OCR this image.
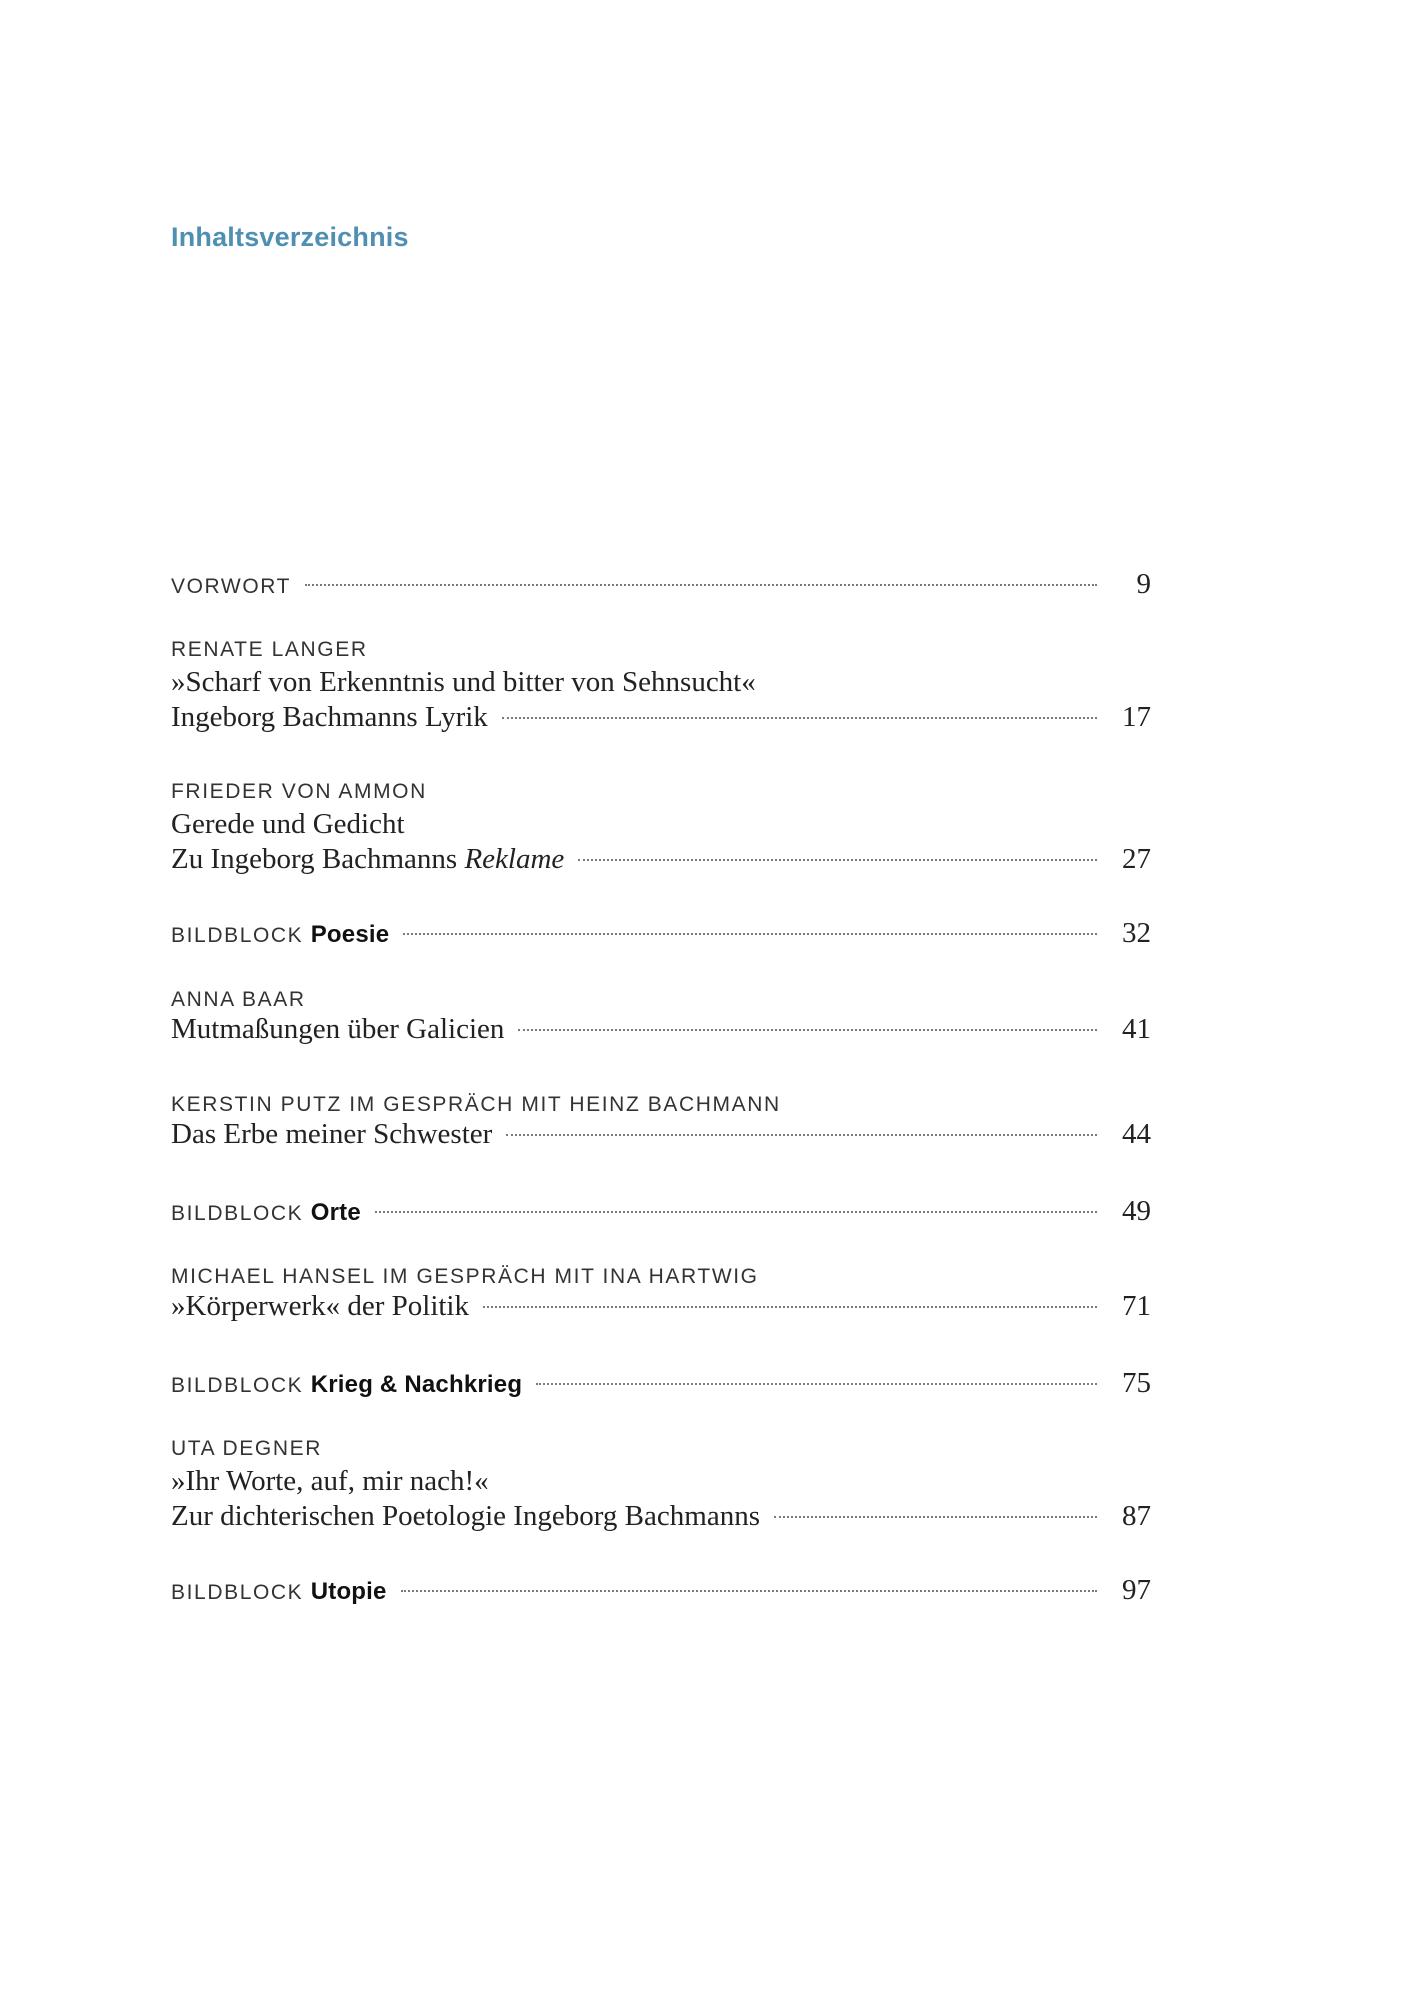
Inhaltsverzeichnis
VORWORT	9
RENATE LANGER
»Scharf von Erkenntnis und bitter von Sehnsucht«
Ingeborg Bachmanns Lyrik	17
FRIEDER VON AMMON
Gerede und Gedicht
Zu Ingeborg Bachmanns Reklame	27
BILDBLOCK Poesie	32
ANNA BAAR
Mutmaßungen über Galicien	41
KERSTIN PUTZ IM GESPRÄCH MIT HEINZ BACHMANN
Das Erbe meiner Schwester	44
BILDBLOCK Orte	49
MICHAEL HANSEL IM GESPRÄCH MIT INA HARTWIG
»Körperwerk« der Politik	71
BILDBLOCK Krieg & Nachkrieg	75
UTA DEGNER
»Ihr Worte, auf, mir nach!«
Zur dichterischen Poetologie Ingeborg Bachmanns	87
BILDBLOCK Utopie	97
